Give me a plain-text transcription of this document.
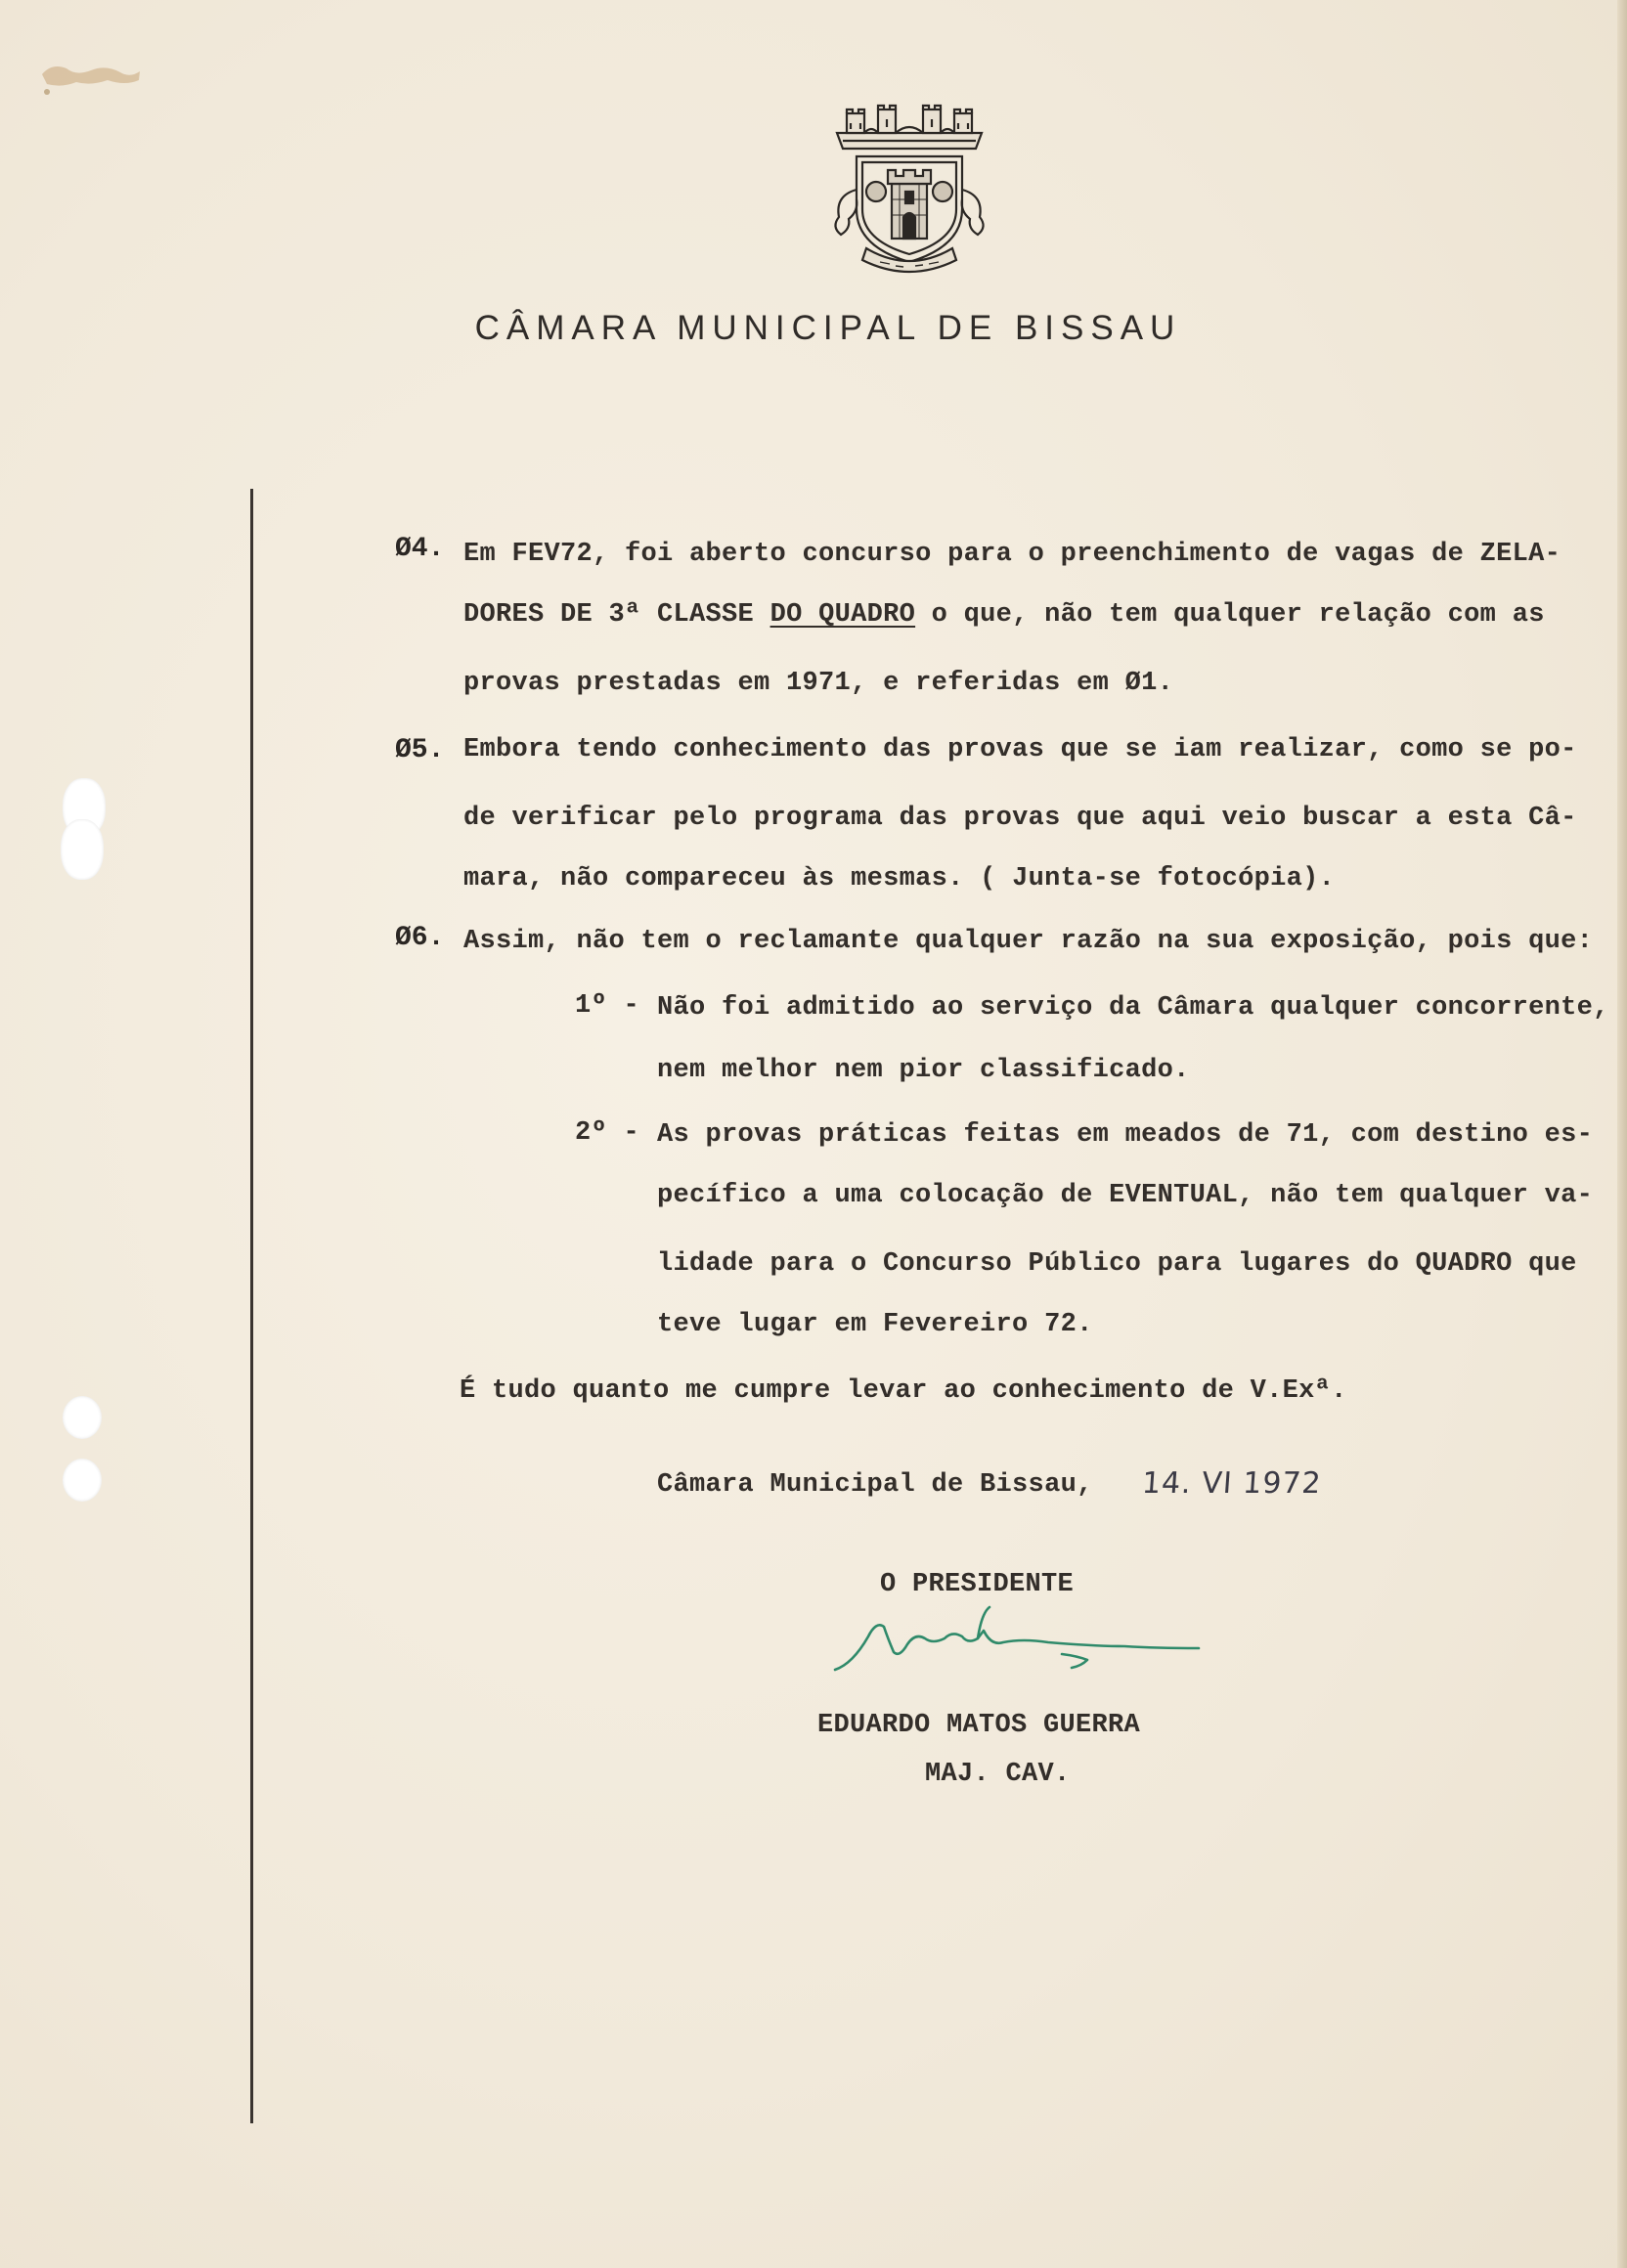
CÂMARA MUNICIPAL DE BISSAU
Ø4. Em FEV72, foi aberto concurso para o preenchimento de vagas de ZELA-
DORES DE 3ª CLASSE DO QUADRO o que, não tem qualquer relação com as
provas prestadas em 1971, e referidas em Ø1.
Ø5. Embora tendo conhecimento das provas que se iam realizar, como se po-
de verificar pelo programa das provas que aqui veio buscar a esta Câ-
mara, não compareceu às mesmas. ( Junta-se fotocópia).
Ø6. Assim, não tem o reclamante qualquer razão na sua exposição, pois que:
1º - Não foi admitido ao serviço da Câmara qualquer concorrente,
nem melhor nem pior classificado.
2º - As provas práticas feitas em meados de 71, com destino es-
pecífico a uma colocação de EVENTUAL, não tem qualquer va-
lidade para o Concurso Público para lugares do QUADRO que
teve lugar em Fevereiro 72.
É tudo quanto me cumpre levar ao conhecimento de V.Exª.
Câmara Municipal de Bissau, 14. VI 1972
O PRESIDENTE
EDUARDO MATOS GUERRA
MAJ. CAV.
